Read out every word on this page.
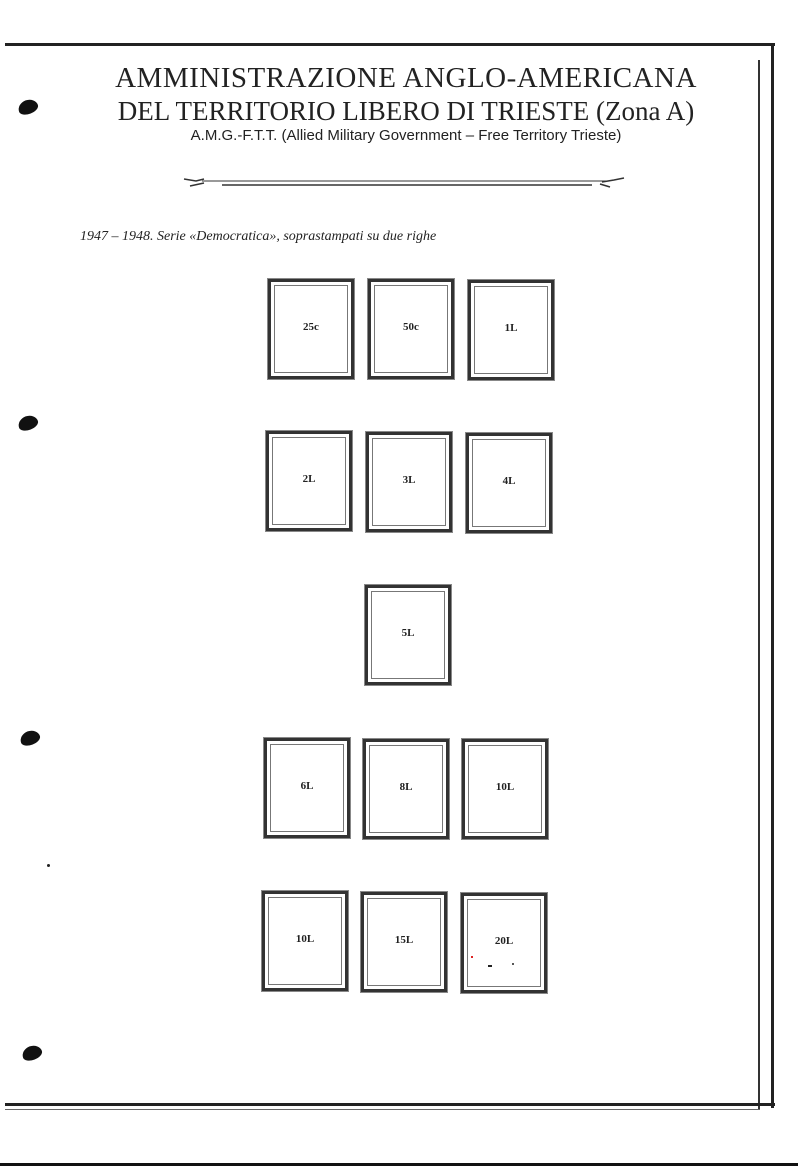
AMMINISTRAZIONE ANGLO-AMERICANA
DEL TERRITORIO LIBERO DI TRIESTE (Zona A)
A.M.G.-F.T.T. (Allied Military Government – Free Territory Trieste)
1947 – 1948. Serie «Democratica», soprastampati su due righe
25c	50c	1L
2L	3L	4L
5L
6L	8L	10L
10L	15L	20L
